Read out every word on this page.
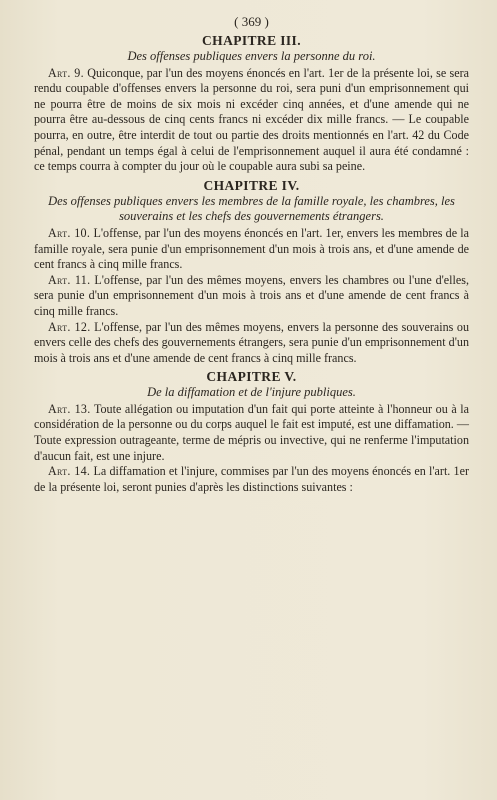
( 369 )

CHAPITRE III.

Des offenses publiques envers la personne du roi.

Art. 9. Quiconque, par l'un des moyens énoncés en l'art. 1er de la présente loi, se sera rendu coupable d'offenses envers la personne du roi, sera puni d'un emprisonnement qui ne pourra être de moins de six mois ni excéder cinq années, et d'une amende qui ne pourra être au-dessous de cinq cents francs ni excéder dix mille francs. — Le coupable pourra, en outre, être interdit de tout ou partie des droits mentionnés en l'art. 42 du Code pénal, pendant un temps égal à celui de l'emprisonnement auquel il aura été condamné : ce temps courra à compter du jour où le coupable aura subi sa peine.

CHAPITRE IV.

Des offenses publiques envers les membres de la famille royale, les chambres, les souverains et les chefs des gouvernements étrangers.

Art. 10. L'offense, par l'un des moyens énoncés en l'art. 1er, envers les membres de la famille royale, sera punie d'un emprisonnement d'un mois à trois ans, et d'une amende de cent francs à cinq mille francs.

Art. 11. L'offense, par l'un des mêmes moyens, envers les chambres ou l'une d'elles, sera punie d'un emprisonnement d'un mois à trois ans et d'une amende de cent francs à cinq mille francs.

Art. 12. L'offense, par l'un des mêmes moyens, envers la personne des souverains ou envers celle des chefs des gouvernements étrangers, sera punie d'un emprisonnement d'un mois à trois ans et d'une amende de cent francs à cinq mille francs.

CHAPITRE V.

De la diffamation et de l'injure publiques.

Art. 13. Toute allégation ou imputation d'un fait qui porte atteinte à l'honneur ou à la considération de la personne ou du corps auquel le fait est imputé, est une diffamation. — Toute expression outrageante, terme de mépris ou invective, qui ne renferme l'imputation d'aucun fait, est une injure.

Art. 14. La diffamation et l'injure, commises par l'un des moyens énoncés en l'art. 1er de la présente loi, seront punies d'après les distinctions suivantes :
